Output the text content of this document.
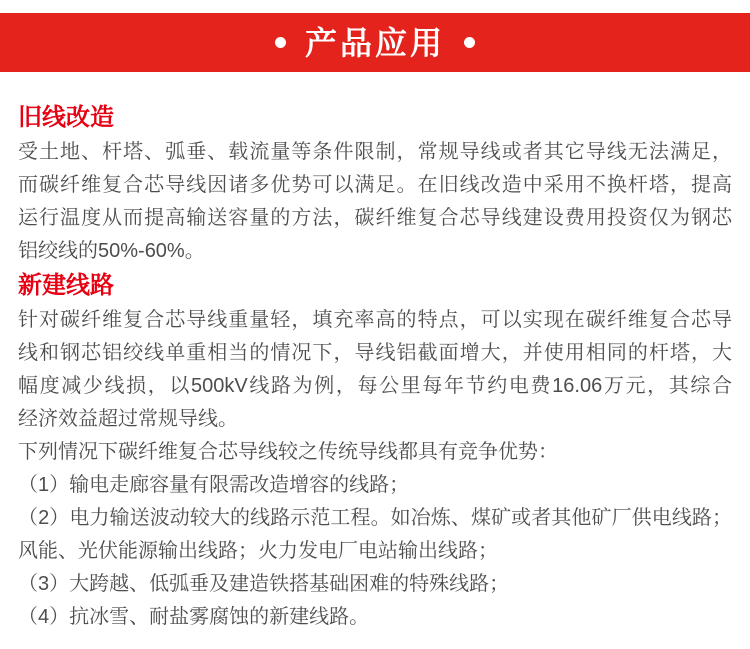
产品应用
旧线改造
受土地、杆塔、弧垂、载流量等条件限制，常规导线或者其它导线无法满足，
而碳纤维复合芯导线因诸多优势可以满足。在旧线改造中采用不换杆塔，提高
运行温度从而提高输送容量的方法，碳纤维复合芯导线建设费用投资仅为钢芯
铝绞线的50%-60%。
新建线路
针对碳纤维复合芯导线重量轻，填充率高的特点，可以实现在碳纤维复合芯导
线和钢芯铝绞线单重相当的情况下，导线铝截面增大，并使用相同的杆塔，大
幅度减少线损，以500kV线路为例，每公里每年节约电费16.06万元，其综合
经济效益超过常规导线。
下列情况下碳纤维复合芯导线较之传统导线都具有竞争优势：
（1）输电走廊容量有限需改造增容的线路；
（2）电力输送波动较大的线路示范工程。如冶炼、煤矿或者其他矿厂供电线路；
风能、光伏能源输出线路；火力发电厂电站输出线路；
（3）大跨越、低弧垂及建造铁搭基础困难的特殊线路；
（4）抗冰雪、耐盐雾腐蚀的新建线路。
